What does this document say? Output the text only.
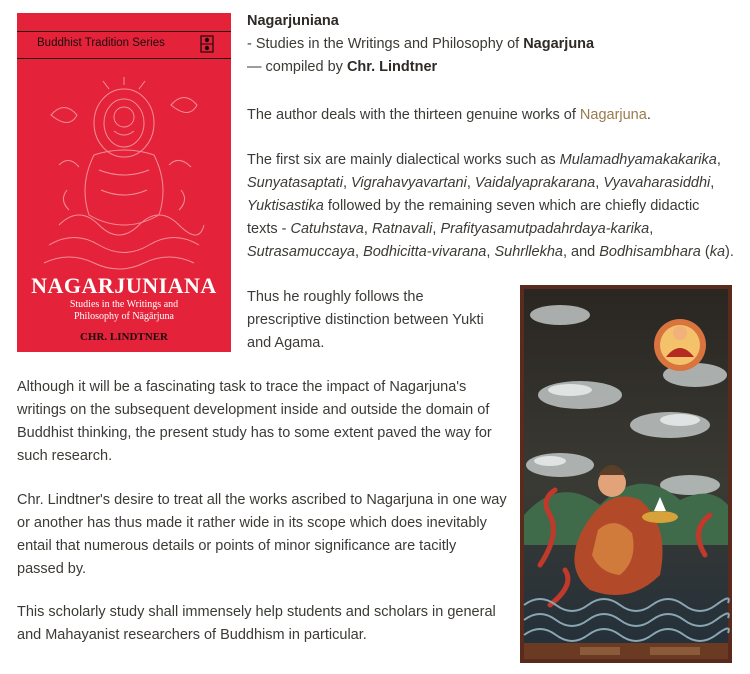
Buddhist Tradition Series
NAGARJUNIANA
Studies in the Writings and
Philosophy of Nāgārjuna
CHR. LINDTNER
Nagarjuniana
- Studies in the Writings and Philosophy of Nagarjuna
— compiled by Chr. Lindtner

The author deals with the thirteen genuine works of Nagarjuna.

The first six are mainly dialectical works such as Mulamadhyamakakarika,
Sunyatasaptati, Vigrahavyavartani, Vaidalyaprakarana, Vyavaharasiddhi,
Yuktisastika followed by the remaining seven which are chiefly didactic texts - Catuhstava, Ratnavali, Prafityasamutpadahrdaya-karika,
Sutrasamuccaya, Bodhicitta-vivarana, Suhrllekha, and Bodhisambhara (ka).

Thus he roughly follows the prescriptive distinction between Yukti and Agama.

Although it will be a fascinating task to trace the impact of Nagarjuna's writings on the subsequent development inside and outside the domain of Buddhist thinking, the present study has to some extent paved the way for such research.

Chr. Lindtner's desire to treat all the works ascribed to Nagarjuna in one way or another has thus made it rather wide in its scope which does inevitably entail that numerous details or points of minor significance are tacitly passed by.

This scholarly study shall immensely help students and scholars in general and Mahayanist researchers of Buddhism in particular.
